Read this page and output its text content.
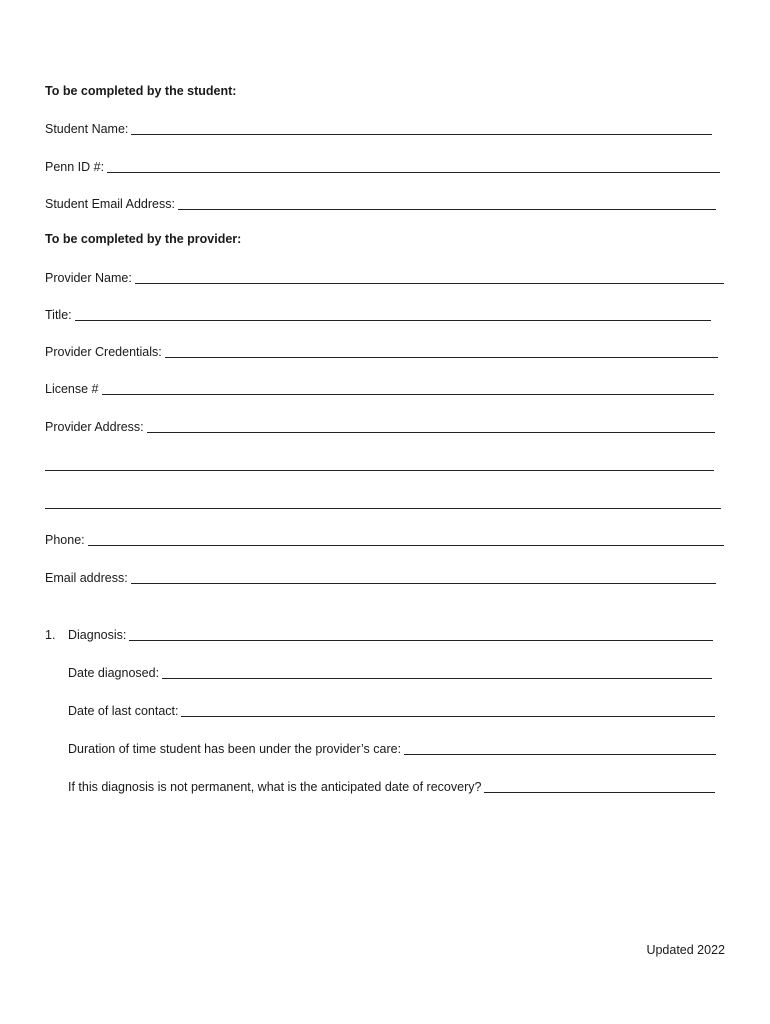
To be completed by the student:
Student Name:
Penn ID #:
Student Email Address:
To be completed by the provider:
Provider Name:
Title:
Provider Credentials:
License #
Provider Address:
Phone:
Email address:
1. Diagnosis:
Date diagnosed:
Date of last contact:
Duration of time student has been under the provider’s care:
If this diagnosis is not permanent, what is the anticipated date of recovery?
Updated 2022
